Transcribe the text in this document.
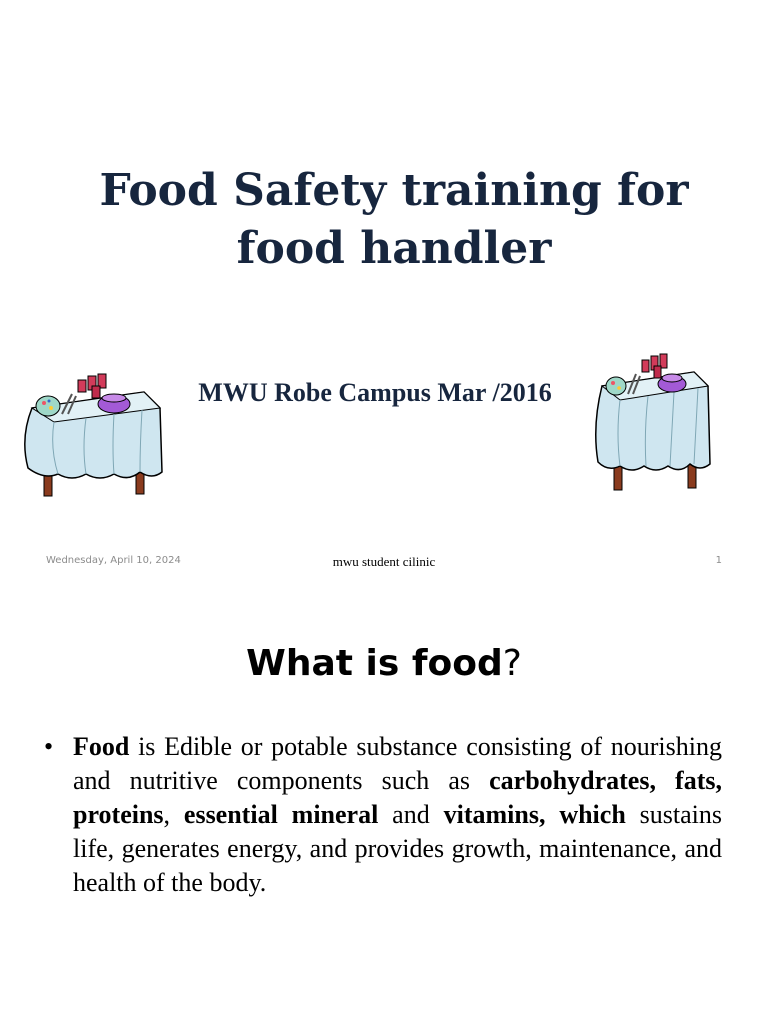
Food Safety training for food handler
MWU Robe Campus Mar /2016
Wednesday, April 10, 2024	mwu student cilinic	1
What is food?
• Food is Edible or potable substance consisting of nourishing and nutritive components such as carbohydrates, fats, proteins, essential mineral and vitamins, which sustains life, generates energy, and provides growth, maintenance, and health of the body.
